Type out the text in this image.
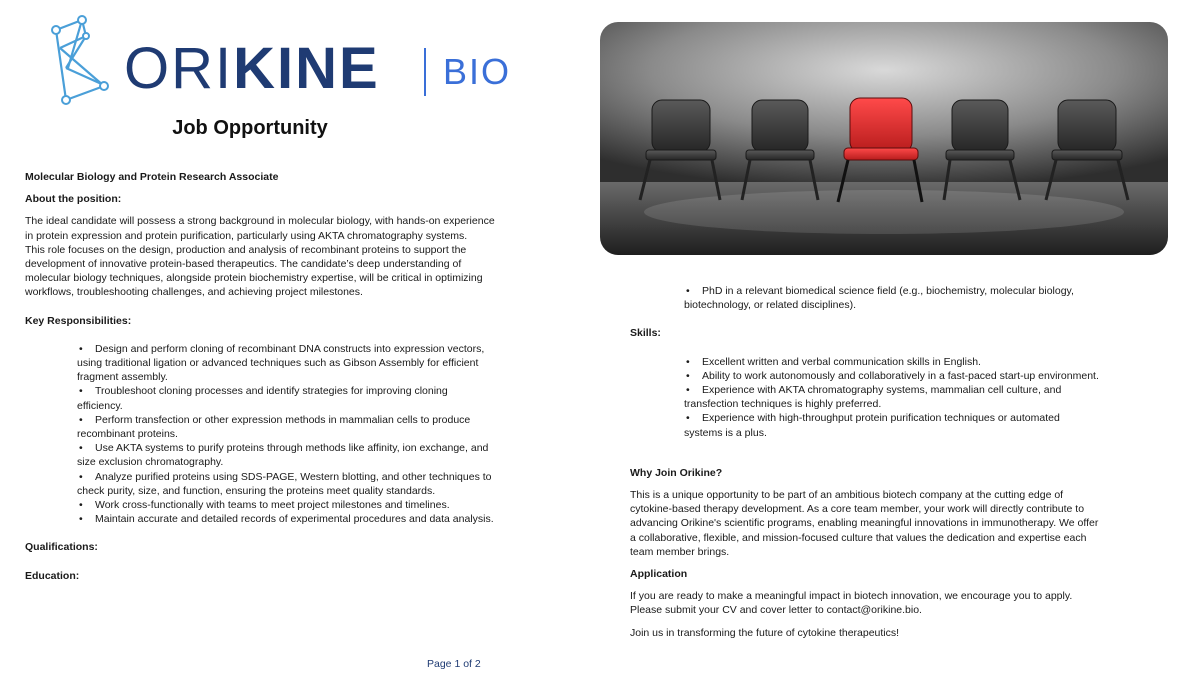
ORIKINE BIO
Job Opportunity

Molecular Biology and Protein Research Associate

About the position:

The ideal candidate will possess a strong background in molecular biology, with hands-on experience in protein expression and protein purification, particularly using AKTA chromatography systems.

This role focuses on the design, production and analysis of recombinant proteins to support the development of innovative protein-based therapeutics. The candidate’s deep understanding of molecular biology techniques, alongside protein biochemistry expertise, will be critical in optimizing workflows, troubleshooting challenges, and achieving project milestones.

Key Responsibilities:

• Design and perform cloning of recombinant DNA constructs into expression vectors, using traditional ligation or advanced techniques such as Gibson Assembly for efficient fragment assembly.
• Troubleshoot cloning processes and identify strategies for improving cloning efficiency.
• Perform transfection or other expression methods in mammalian cells to produce recombinant proteins.
• Use AKTA systems to purify proteins through methods like affinity, ion exchange, and size exclusion chromatography.
• Analyze purified proteins using SDS-PAGE, Western blotting, and other techniques to check purity, size, and function, ensuring the proteins meet quality standards.
• Work cross-functionally with teams to meet project milestones and timelines.
• Maintain accurate and detailed records of experimental procedures and data analysis.

Qualifications:

Education:

• PhD in a relevant biomedical science field (e.g., biochemistry, molecular biology, biotechnology, or related disciplines).

Skills:

• Excellent written and verbal communication skills in English.
• Ability to work autonomously and collaboratively in a fast-paced start-up environment.
• Experience with AKTA chromatography systems, mammalian cell culture, and transfection techniques is highly preferred.
• Experience with high-throughput protein purification techniques or automated systems is a plus.

Why Join Orikine?

This is a unique opportunity to be part of an ambitious biotech company at the cutting edge of cytokine-based therapy development. As a core team member, your work will directly contribute to advancing Orikine's scientific programs, enabling meaningful innovations in immunotherapy. We offer a collaborative, flexible, and mission-focused culture that values the dedication and expertise each team member brings.

Application

If you are ready to make a meaningful impact in biotech innovation, we encourage you to apply. Please submit your CV and cover letter to contact@orikine.bio.

Join us in transforming the future of cytokine therapeutics!

Page 1 of 2
